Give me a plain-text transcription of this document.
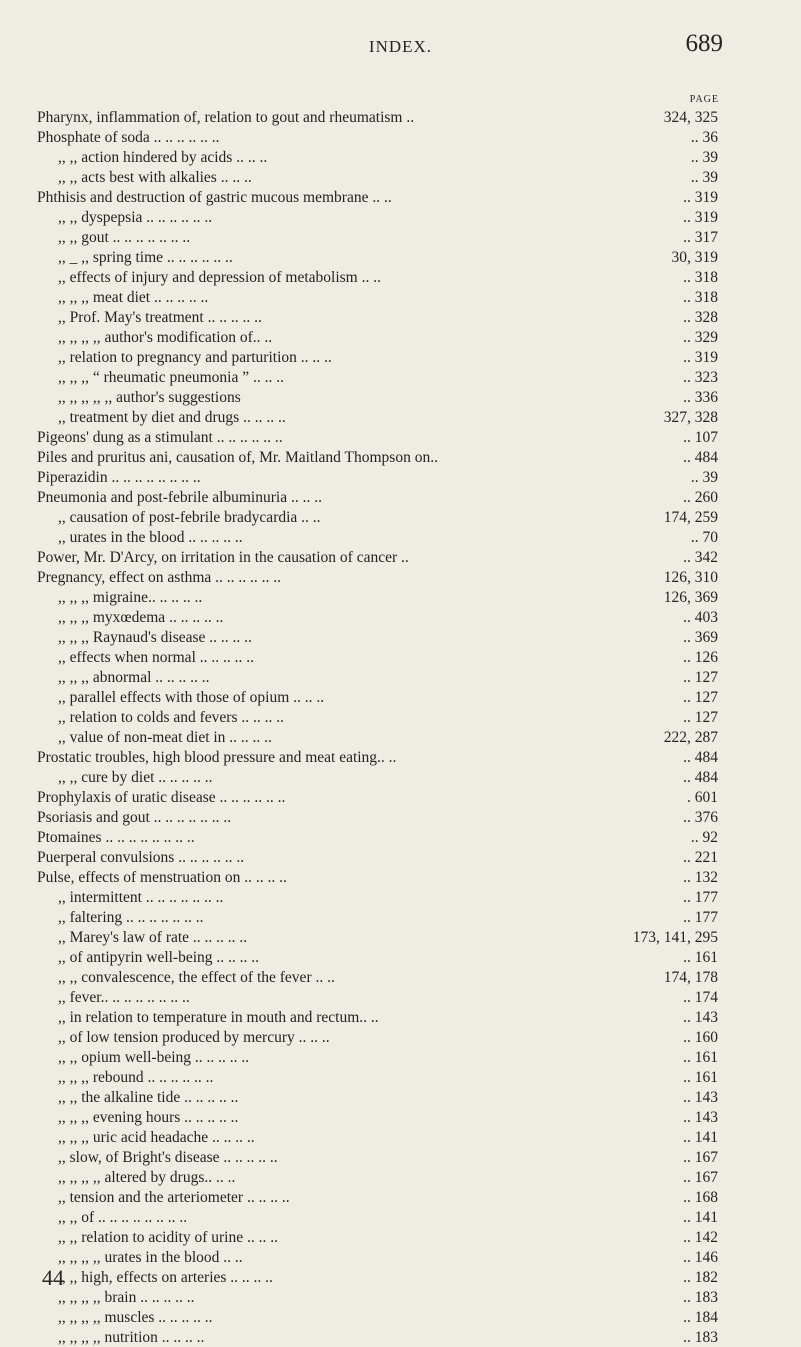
INDEX.	689
PAGE
Pharynx, inflammation of, relation to gout and rheumatism ..	324, 325
Phosphate of soda .. .. .. .. .. ..	.. 36
,, ,, action hindered by acids .. .. ..	.. 39
,, ,, acts best with alkalies .. .. ..	.. 39
Phthisis and destruction of gastric mucous membrane .. ..	.. 319
,, ,, dyspepsia .. .. .. .. .. ..	.. 319
,, ,, gout .. .. .. .. .. .. ..	.. 317
,, _ ,, spring time .. .. .. .. .. ..	30, 319
,, effects of injury and depression of metabolism .. ..	.. 318
,, ,, ,, meat diet .. .. .. .. ..	.. 318
,, Prof. May's treatment .. .. .. .. ..	.. 328
,, ,, ,, ,, author's modification of.. ..	.. 329
,, relation to pregnancy and parturition .. .. ..	.. 319
,, ,, ,, “ rheumatic pneumonia ” .. .. ..	.. 323
,, ,, ,, ,, ,, author's suggestions	.. 336
,, treatment by diet and drugs .. .. .. ..	327, 328
Pigeons' dung as a stimulant .. .. .. .. .. ..	.. 107
Piles and pruritus ani, causation of, Mr. Maitland Thompson on..	.. 484
Piperazidin .. .. .. .. .. .. .. ..	.. 39
Pneumonia and post-febrile albuminuria .. .. ..	.. 260
,, causation of post-febrile bradycardia .. ..	174, 259
,, urates in the blood .. .. .. .. ..	.. 70
Power, Mr. D'Arcy, on irritation in the causation of cancer ..	.. 342
Pregnancy, effect on asthma .. .. .. .. .. ..	126, 310
,, ,, ,, migraine.. .. .. .. ..	126, 369
,, ,, ,, myxœdema .. .. .. .. ..	.. 403
,, ,, ,, Raynaud's disease .. .. .. ..	.. 369
,, effects when normal .. .. .. .. ..	.. 126
,, ,, ,, abnormal .. .. .. .. ..	.. 127
,, parallel effects with those of opium .. .. ..	.. 127
,, relation to colds and fevers .. .. .. ..	.. 127
,, value of non-meat diet in .. .. .. ..	222, 287
Prostatic troubles, high blood pressure and meat eating.. ..	.. 484
,, ,, cure by diet .. .. .. .. ..	.. 484
Prophylaxis of uratic disease .. .. .. .. .. ..	. 601
Psoriasis and gout .. .. .. .. .. .. ..	.. 376
Ptomaines .. .. .. .. .. .. .. ..	.. 92
Puerperal convulsions .. .. .. .. .. ..	.. 221
Pulse, effects of menstruation on .. .. .. ..	.. 132
,, intermittent .. .. .. .. .. .. ..	.. 177
,, faltering .. .. .. .. .. .. ..	.. 177
,, Marey's law of rate .. .. .. .. ..	173, 141, 295
,, of antipyrin well-being .. .. .. ..	.. 161
,, ,, convalescence, the effect of the fever .. ..	174, 178
,, fever.. .. .. .. .. .. .. ..	.. 174
,, in relation to temperature in mouth and rectum.. ..	.. 143
,, of low tension produced by mercury .. .. ..	.. 160
,, ,, opium well-being .. .. .. .. ..	.. 161
,, ,, ,, rebound .. .. .. .. .. ..	.. 161
,, ,, the alkaline tide .. .. .. .. ..	.. 143
,, ,, ,, evening hours .. .. .. .. ..	.. 143
,, ,, ,, uric acid headache .. .. .. ..	.. 141
,, slow, of Bright's disease .. .. .. .. ..	.. 167
,, ,, ,, ,, altered by drugs.. .. ..	.. 167
,, tension and the arteriometer .. .. .. ..	.. 168
,, ,, of .. .. .. .. .. .. .. ..	.. 141
,, ,, relation to acidity of urine .. .. ..	.. 142
,, ,, ,, ,, urates in the blood .. ..	.. 146
,, ,, high, effects on arteries .. .. .. ..	.. 182
,, ,, ,, ,, brain .. .. .. .. ..	.. 183
,, ,, ,, ,, muscles .. .. .. .. ..	.. 184
,, ,, ,, ,, nutrition .. .. .. ..	.. 183
44
